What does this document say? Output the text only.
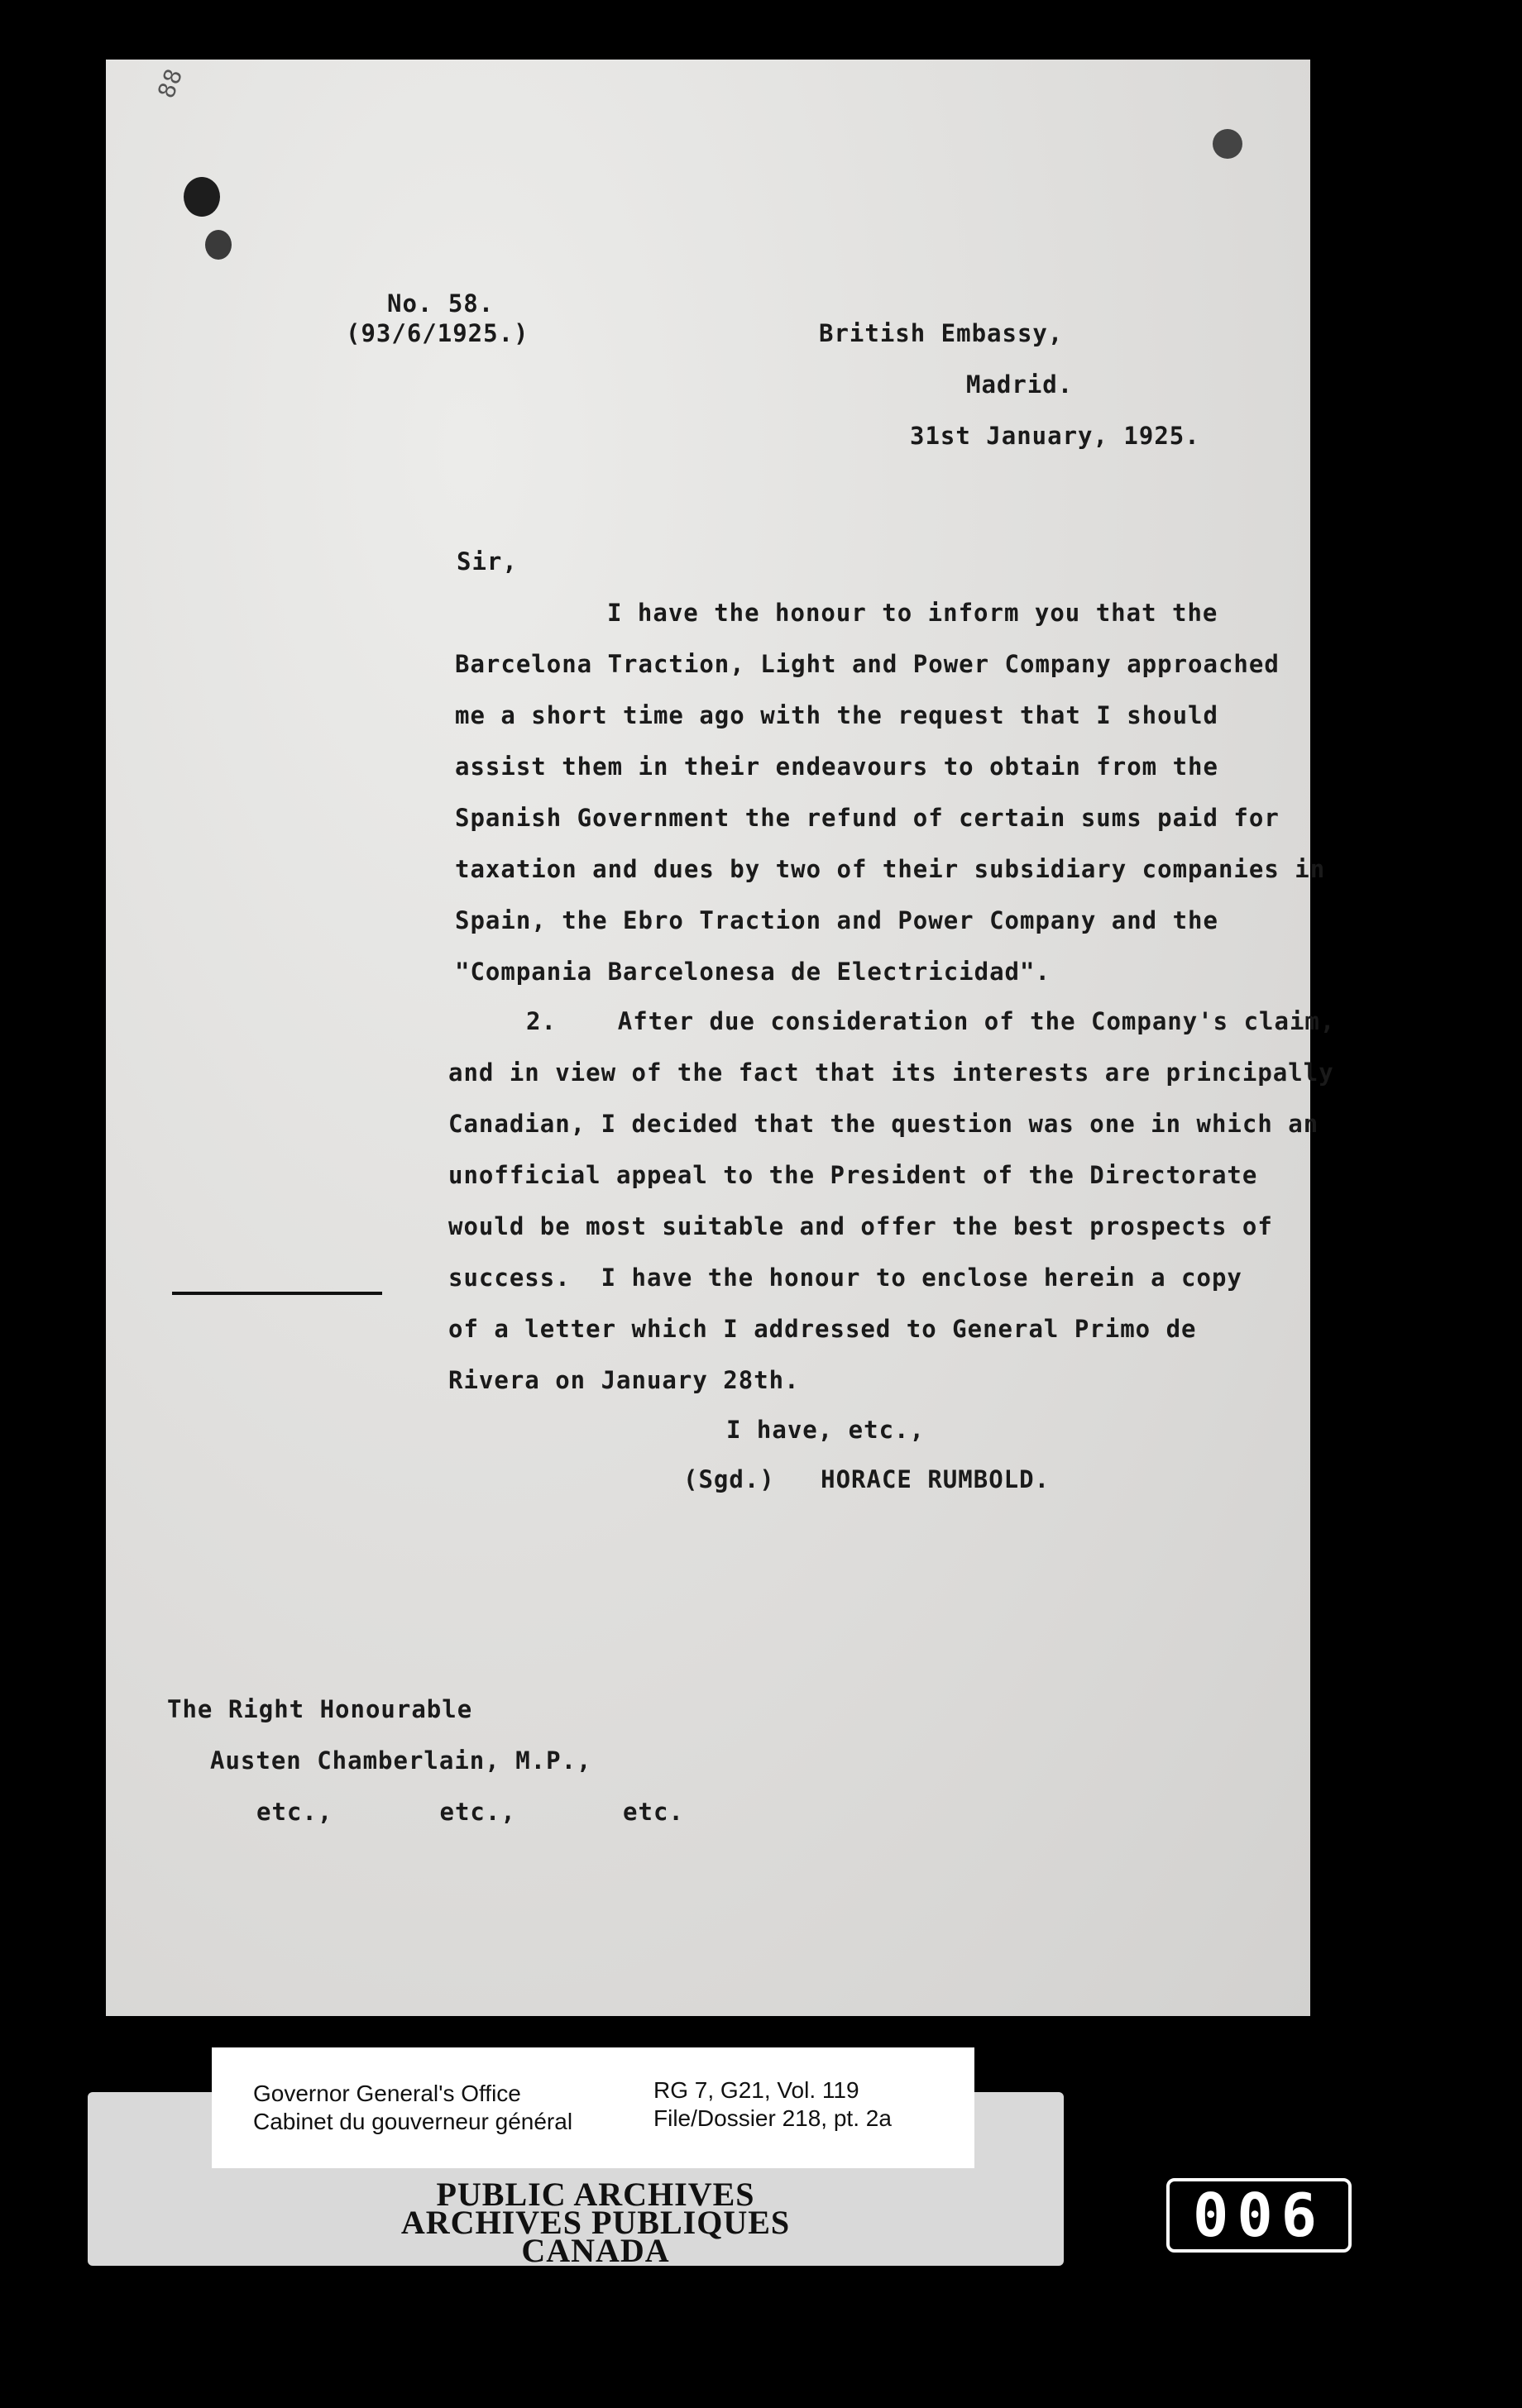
88
No. 58.
(93/6/1925.)	British Embassy,
Madrid.
31st January, 1925.
Sir,
I have the honour to inform you that the
Barcelona Traction, Light and Power Company approached
me a short time ago with the request that I should
assist them in their endeavours to obtain from the
Spanish Government the refund of certain sums paid for
taxation and dues by two of their subsidiary companies in
Spain, the Ebro Traction and Power Company and the
"Compania Barcelonesa de Electricidad".
2.    After due consideration of the Company's claim,
and in view of the fact that its interests are principally
Canadian, I decided that the question was one in which an
unofficial appeal to the President of the Directorate
would be most suitable and offer the best prospects of
success.  I have the honour to enclose herein a copy
of a letter which I addressed to General Primo de
Rivera on January 28th.
I have, etc.,
(Sgd.)   HORACE RUMBOLD.
The Right Honourable
Austen Chamberlain, M.P.,
etc.,       etc.,       etc.
Governor General's Office
Cabinet du gouverneur général
RG 7, G21, Vol. 119
File/Dossier 218, pt. 2a
PUBLIC ARCHIVES
ARCHIVES PUBLIQUES
CANADA
006
